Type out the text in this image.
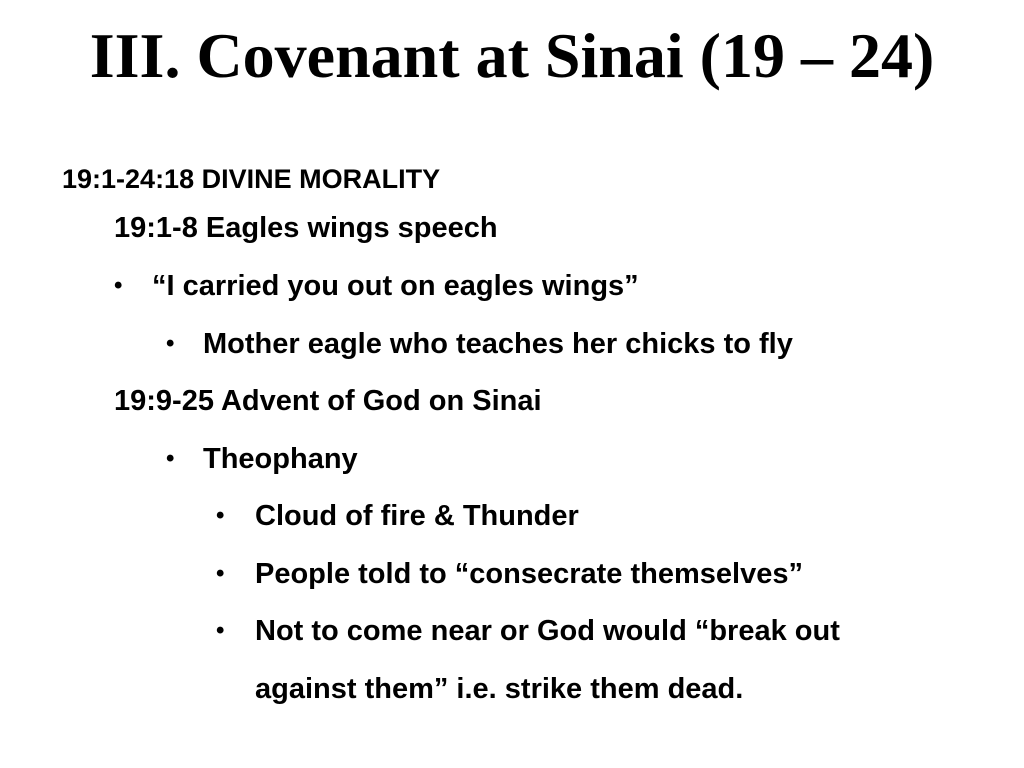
III. Covenant at Sinai (19 – 24)
19:1-24:18 DIVINE MORALITY
19:1-8 Eagles wings speech
• “I carried you out on eagles wings”
• Mother eagle who teaches her chicks to fly
19:9-25 Advent of God on Sinai
• Theophany
• Cloud of fire & Thunder
• People told to “consecrate themselves”
• Not to come near or God would “break out
against them” i.e. strike them dead.
